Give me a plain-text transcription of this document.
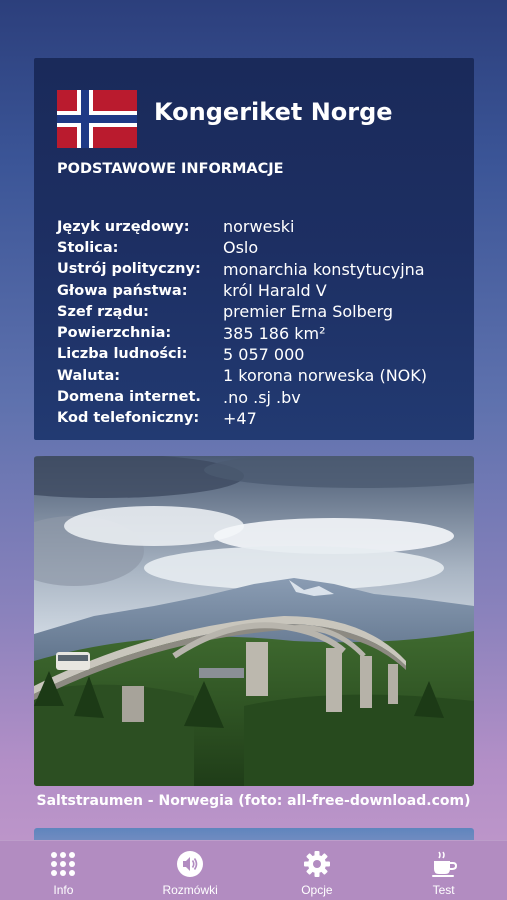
Kongeriket Norge
PODSTAWOWE INFORMACJE
Język urzędowy:	norweski
Stolica:	Oslo
Ustrój polityczny:	monarchia konstytucyjna
Głowa państwa:	król Harald V
Szef rządu:	premier Erna Solberg
Powierzchnia:	385 186 km²
Liczba ludności:	5 057 000
Waluta:	1 korona norweska (NOK)
Domena internet.	.no .sj .bv
Kod telefoniczny:	+47
Saltstraumen - Norwegia (foto: all-free-download.com)
Info	Rozmówki	Opcje	Test
